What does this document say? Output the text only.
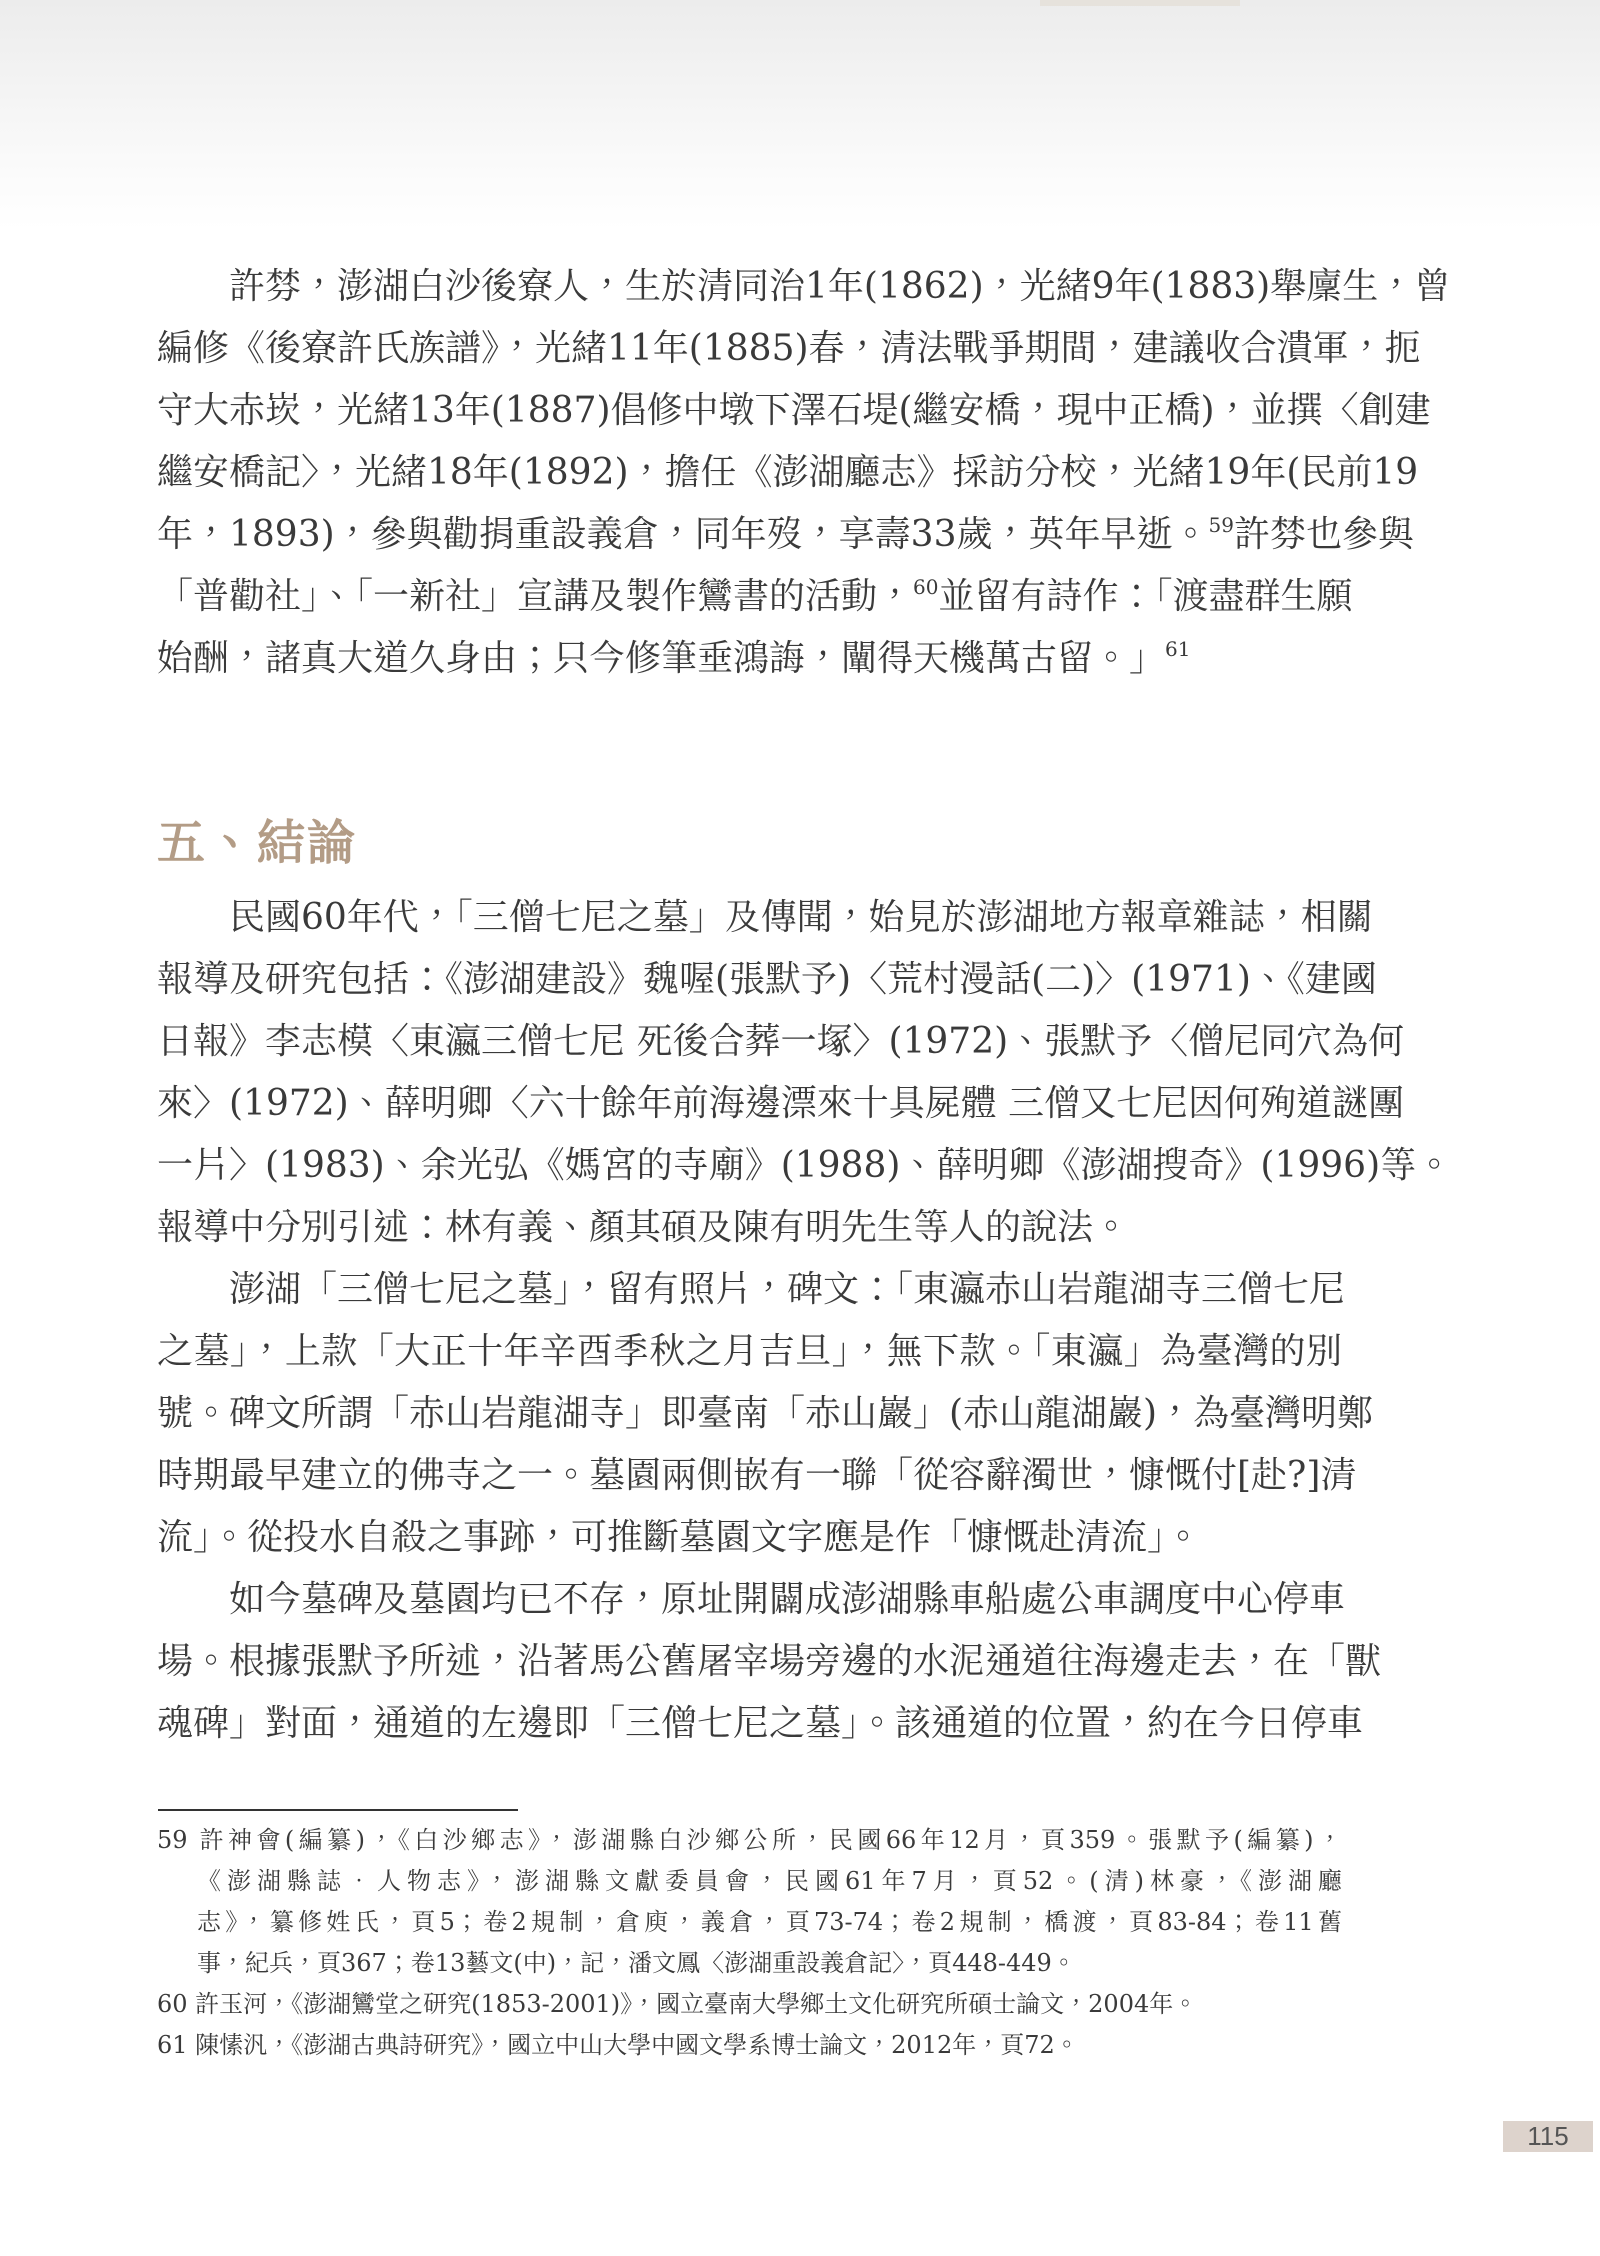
許棼，澎湖白沙後寮人，生於清同治1年(1862)，光緒9年(1883)舉廩生，曾
編修《後寮許氏族譜》，光緒11年(1885)春，清法戰爭期間，建議收合潰軍，扼
守大赤崁，光緒13年(1887)倡修中墩下澤石堤(繼安橋，現中正橋)，並撰〈創建
繼安橋記〉，光緒18年(1892)，擔任《澎湖廳志》採訪分校，光緒19年(民前19
年，1893)，參與勸捐重設義倉，同年歿，享壽33歲，英年早逝。$^{59}$許棼也參與
「普勸社」、「一新社」宣講及製作鸞書的活動，$^{60}$並留有詩作：「渡盡群生願
始酬，諸真大道久身由；只今修筆垂鴻誨，闡得天機萬古留。」$^{61}$
五、結論
民國60年代，「三僧七尼之墓」及傳聞，始見於澎湖地方報章雜誌，相關
報導及研究包括：《澎湖建設》魏喔(張默予)〈荒村漫話(二)〉(1971)、《建國
日報》李志模〈東瀛三僧七尼 死後合葬一塚〉(1972)、張默予〈僧尼同穴為何
來〉(1972)、薛明卿〈六十餘年前海邊漂來十具屍體 三僧又七尼因何殉道謎團
一片〉(1983)、余光弘《媽宮的寺廟》(1988)、薛明卿《澎湖搜奇》(1996)等。
報導中分別引述：林有義、顏其碩及陳有明先生等人的說法。
澎湖「三僧七尼之墓」，留有照片，碑文：「東瀛赤山岩龍湖寺三僧七尼
之墓」，上款「大正十年辛酉季秋之月吉旦」，無下款。「東瀛」為臺灣的別
號。碑文所謂「赤山岩龍湖寺」即臺南「赤山巖」(赤山龍湖巖)，為臺灣明鄭
時期最早建立的佛寺之一。墓園兩側嵌有一聯「從容辭濁世，慷慨付[赴?]清
流」。從投水自殺之事跡，可推斷墓園文字應是作「慷慨赴清流」。
如今墓碑及墓園均已不存，原址開闢成澎湖縣車船處公車調度中心停車
場。根據張默予所述，沿著馬公舊屠宰場旁邊的水泥通道往海邊走去，在「獸
魂碑」對面，通道的左邊即「三僧七尼之墓」。該通道的位置，約在今日停車
59 許神會(編纂)，《白沙鄉志》，澎湖縣白沙鄉公所，民國66年12月，頁359。張默予(編纂)，
《澎湖縣誌．人物志》，澎湖縣文獻委員會，民國61年7月，頁52。(清)林豪，《澎湖廳
志》，纂修姓氏，頁5；卷2規制，倉庾，義倉，頁73-74；卷2規制，橋渡，頁83-84；卷11舊
事，紀兵，頁367；卷13藝文(中)，記，潘文鳳〈澎湖重設義倉記〉，頁448-449。
60 許玉河，《澎湖鸞堂之研究(1853-2001)》，國立臺南大學鄉土文化研究所碩士論文，2004年。
61 陳愫汎，《澎湖古典詩研究》，國立中山大學中國文學系博士論文，2012年，頁72。
115
